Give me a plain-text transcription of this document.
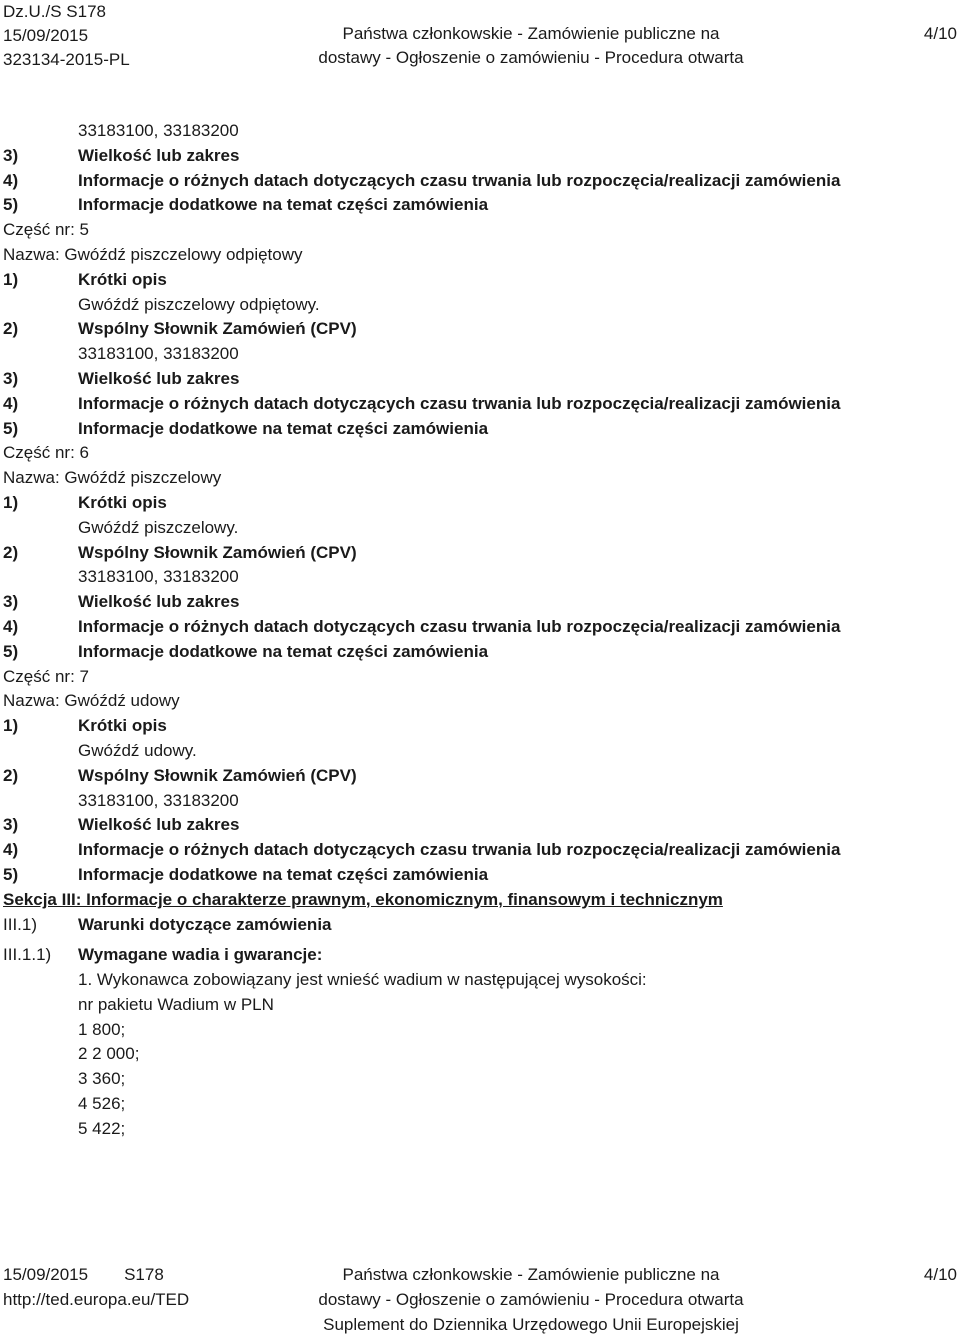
Dz.U./S S178
15/09/2015
323134-2015-PL
Państwa członkowskie - Zamówienie publiczne na
dostawy - Ogłoszenie o zamówieniu - Procedura otwarta
4/10
33183100, 33183200
3)	Wielkość lub zakres
4)	Informacje o różnych datach dotyczących czasu trwania lub rozpoczęcia/realizacji zamówienia
5)	Informacje dodatkowe na temat części zamówienia
Część nr: 5
Nazwa: Gwóźdź piszczelowy odpiętowy
1)	Krótki opis
Gwóźdź piszczelowy odpiętowy.
2)	Wspólny Słownik Zamówień (CPV)
33183100, 33183200
3)	Wielkość lub zakres
4)	Informacje o różnych datach dotyczących czasu trwania lub rozpoczęcia/realizacji zamówienia
5)	Informacje dodatkowe na temat części zamówienia
Część nr: 6
Nazwa: Gwóźdź piszczelowy
1)	Krótki opis
Gwóźdź piszczelowy.
2)	Wspólny Słownik Zamówień (CPV)
33183100, 33183200
3)	Wielkość lub zakres
4)	Informacje o różnych datach dotyczących czasu trwania lub rozpoczęcia/realizacji zamówienia
5)	Informacje dodatkowe na temat części zamówienia
Część nr: 7
Nazwa: Gwóźdź udowy
1)	Krótki opis
Gwóźdź udowy.
2)	Wspólny Słownik Zamówień (CPV)
33183100, 33183200
3)	Wielkość lub zakres
4)	Informacje o różnych datach dotyczących czasu trwania lub rozpoczęcia/realizacji zamówienia
5)	Informacje dodatkowe na temat części zamówienia
Sekcja III: Informacje o charakterze prawnym, ekonomicznym, finansowym i technicznym
III.1) Warunki dotyczące zamówienia
III.1.1) Wymagane wadia i gwarancje:
1. Wykonawca zobowiązany jest wnieść wadium w następującej wysokości:
nr pakietu Wadium w PLN
1 800;
2 2 000;
3 360;
4 526;
5 422;
15/09/2015 S178
http://ted.europa.eu/TED
Państwa członkowskie - Zamówienie publiczne na
dostawy - Ogłoszenie o zamówieniu - Procedura otwarta
Suplement do Dziennika Urzędowego Unii Europejskiej
4/10
